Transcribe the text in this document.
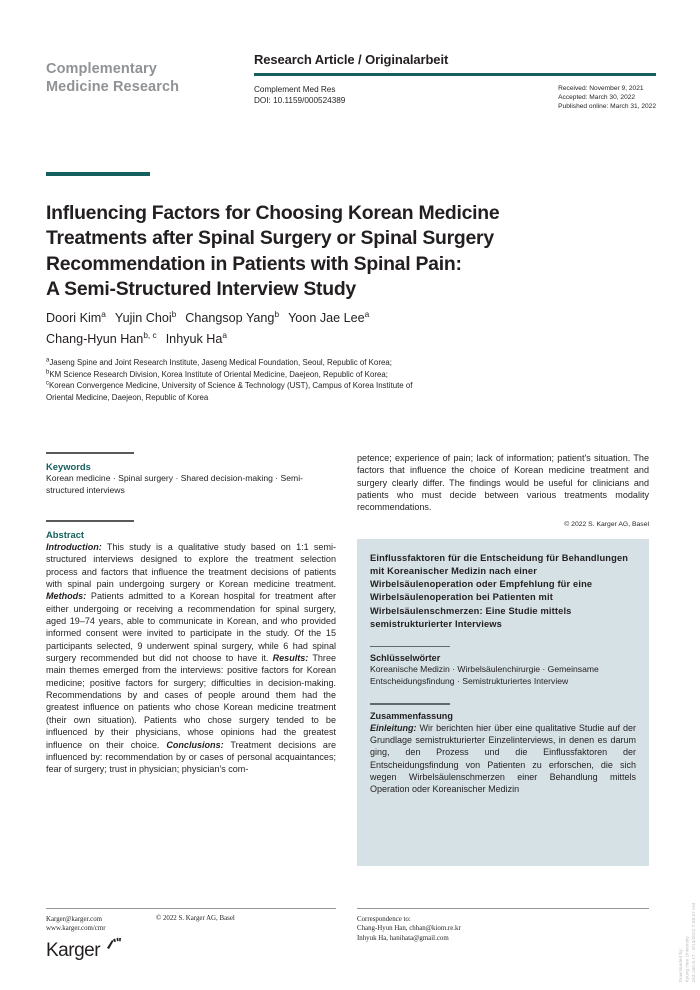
Complementary
Medicine Research
Research Article / Originalarbeit
Complement Med Res
DOI: 10.1159/000524389
Received: November 9, 2021
Accepted: March 30, 2022
Published online: March 31, 2022
Influencing Factors for Choosing Korean Medicine
Treatments after Spinal Surgery or Spinal Surgery
Recommendation in Patients with Spinal Pain:
A Semi-Structured Interview Study
Doori Kim$^a$ Yujin Choi$^b$ Changsop Yang$^b$ Yoon Jae Lee$^a$
Chang-Hyun Han$^{b, c}$ Inhyuk Ha$^a$
$^a$Jaseng Spine and Joint Research Institute, Jaseng Medical Foundation, Seoul, Republic of Korea;
$^b$KM Science Research Division, Korea Institute of Oriental Medicine, Daejeon, Republic of Korea;
$^c$Korean Convergence Medicine, University of Science & Technology (UST), Campus of Korea Institute of
Oriental Medicine, Daejeon, Republic of Korea
Keywords
Korean medicine · Spinal surgery · Shared decision-making · Semi-structured interviews
Abstract
Introduction: This study is a qualitative study based on 1:1 semi-structured interviews designed to explore the treatment selection process and factors that influence the treatment decisions of patients with spinal pain undergoing surgery or Korean medicine treatment. Methods: Patients admitted to a Korean hospital for treatment after either undergoing or receiving a recommendation for spinal surgery, aged 19–74 years, able to communicate in Korean, and who provided informed consent were invited to participate in the study. Of the 15 participants selected, 9 underwent spinal surgery, while 6 had spinal surgery recommended but did not choose to have it. Results: Three main themes emerged from the interviews: positive factors for Korean medicine; positive factors for surgery; difficulties in decision-making. Recommendations by and cases of people around them had the greatest influence on patients who chose Korean medicine treatment (their own situation). Patients who chose surgery tended to be influenced by their physicians, whose opinions had the greatest influence on their choice. Conclusions: Treatment decisions are influenced by: recommendation by or cases of personal acquaintances; fear of surgery; trust in physician; physician's com-
petence; experience of pain; lack of information; patient's situation. The factors that influence the choice of Korean medicine treatment and surgery clearly differ. The findings would be useful for clinicians and patients who must decide between various treatments modality recommendations.
© 2022 S. Karger AG, Basel
Einflussfaktoren für die Entscheidung für Behandlungen mit Koreanischer Medizin nach einer Wirbelsäulenoperation oder Empfehlung für eine Wirbelsäulenoperation bei Patienten mit Wirbelsäulenschmerzen: Eine Studie mittels semistrukturierter Interviews
Schlüsselwörter
Koreanische Medizin · Wirbelsäulenchirurgie · Gemeinsame Entscheidungsfindung · Semistrukturiertes Interview
Zusammenfassung
Einleitung: Wir berichten hier über eine qualitative Studie auf der Grundlage semistrukturierter Einzelinterviews, in denen es darum ging, den Prozess und die Einflussfaktoren der Entscheidungsfindung von Patienten zu erforschen, die sich wegen Wirbelsäulenschmerzen einer Behandlung mittels Operation oder Koreanischer Medizin
Karger@karger.com
www.karger.com/cmr
© 2022 S. Karger AG, Basel
Karger
Correspondence to:
Chang-Hyun Han, chhan@kiom.re.kr
Inhyuk Ha, hanihata@gmail.com
Downloaded by: Kyung Hee University 163.180.9.17 - 9/13/2022 7:08:57 AM
